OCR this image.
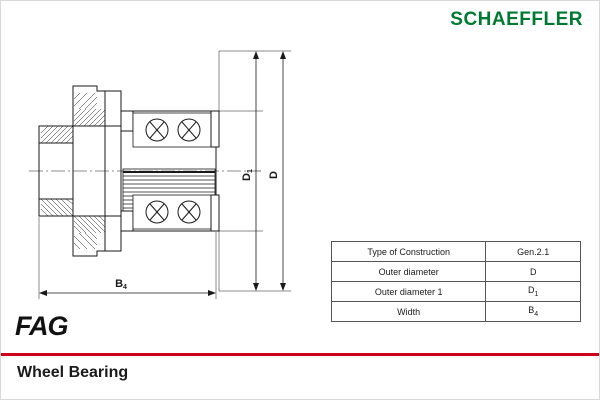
SCHAEFFLER
D1 D
B4
Type of Construction	Gen.2.1
Outer diameter	D
Outer diameter 1	$D_1$
Width	$B_4$
FAG
Wheel Bearing
